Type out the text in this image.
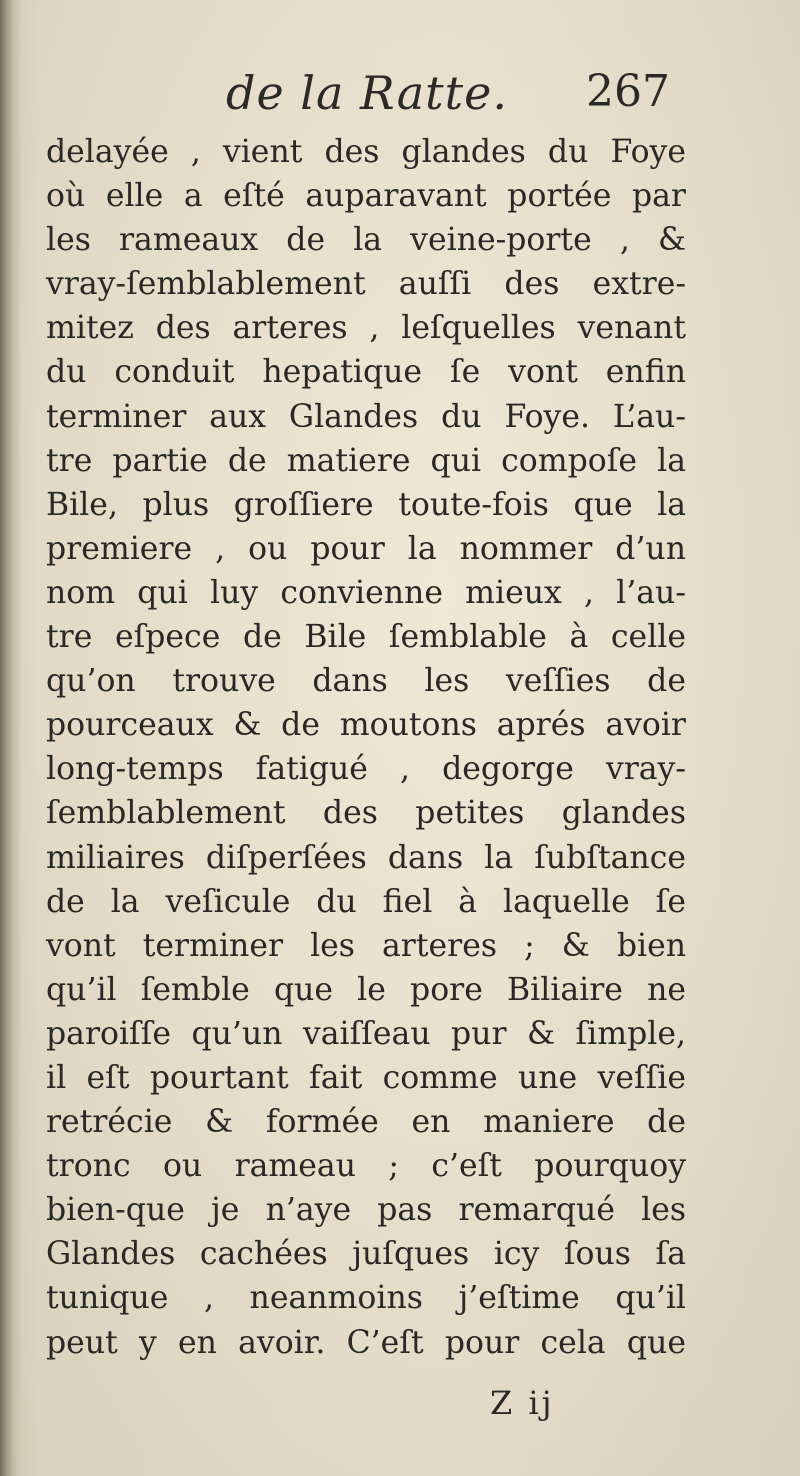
de la Ratte. 267
delayée , vient des glandes du Foye
où elle a eſté auparavant portée par
les rameaux de la veine-porte , &
vray-ſemblablement auſſi des extre-
mitez des arteres , leſquelles venant
du conduit hepatique ſe vont enfin
terminer aux Glandes du Foye. L’au-
tre partie de matiere qui compoſe la
Bile, plus groſſiere toute-fois que la
premiere , ou pour la nommer d’un
nom qui luy convienne mieux , l’au-
tre eſpece de Bile ſemblable à celle
qu’on trouve dans les veſſies de
pourceaux & de moutons aprés avoir
long-temps fatigué , degorge vray-
ſemblablement des petites glandes
miliaires diſperſées dans la ſubſtance
de la veſicule du fiel à laquelle ſe
vont terminer les arteres ; & bien
qu’il ſemble que le pore Biliaire ne
paroiſſe qu’un vaiſſeau pur & ſimple,
il eſt pourtant fait comme une veſſie
retrécie & formée en maniere de
tronc ou rameau ; c’eſt pourquoy
bien-que je n’aye pas remarqué les
Glandes cachées juſques icy ſous ſa
tunique , neanmoins j’eſtime qu’il
peut y en avoir. C’eſt pour cela que
Z ij
